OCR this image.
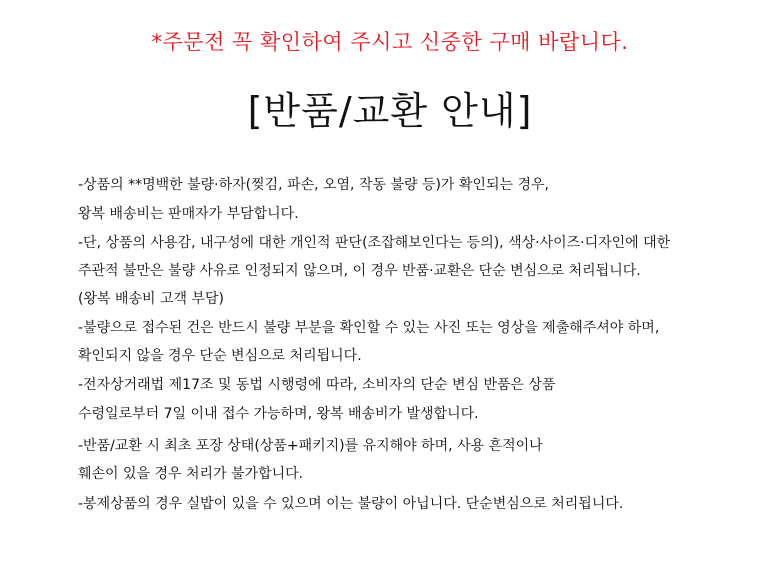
*주문전 꼭 확인하여 주시고 신중한 구매 바랍니다.
[반품/교환 안내]
-상품의 **명백한 불량·하자(찢김, 파손, 오염, 작동 불량 등)가 확인되는 경우,
왕복 배송비는 판매자가 부담합니다.
-단, 상품의 사용감, 내구성에 대한 개인적 판단(조잡해보인다는 등의), 색상·사이즈·디자인에 대한
주관적 불만은 불량 사유로 인정되지 않으며, 이 경우 반품·교환은 단순 변심으로 처리됩니다.
(왕복 배송비 고객 부담)
-불량으로 접수된 건은 반드시 불량 부분을 확인할 수 있는 사진 또는 영상을 제출해주셔야 하며,
확인되지 않을 경우 단순 변심으로 처리됩니다.
-전자상거래법 제17조 및 동법 시행령에 따라, 소비자의 단순 변심 반품은 상품
수령일로부터 7일 이내 접수 가능하며, 왕복 배송비가 발생합니다.
-반품/교환 시 최초 포장 상태(상품+패키지)를 유지해야 하며, 사용 흔적이나
훼손이 있을 경우 처리가 불가합니다.
-봉제상품의 경우 실밥이 있을 수 있으며 이는 불량이 아닙니다. 단순변심으로 처리됩니다.
